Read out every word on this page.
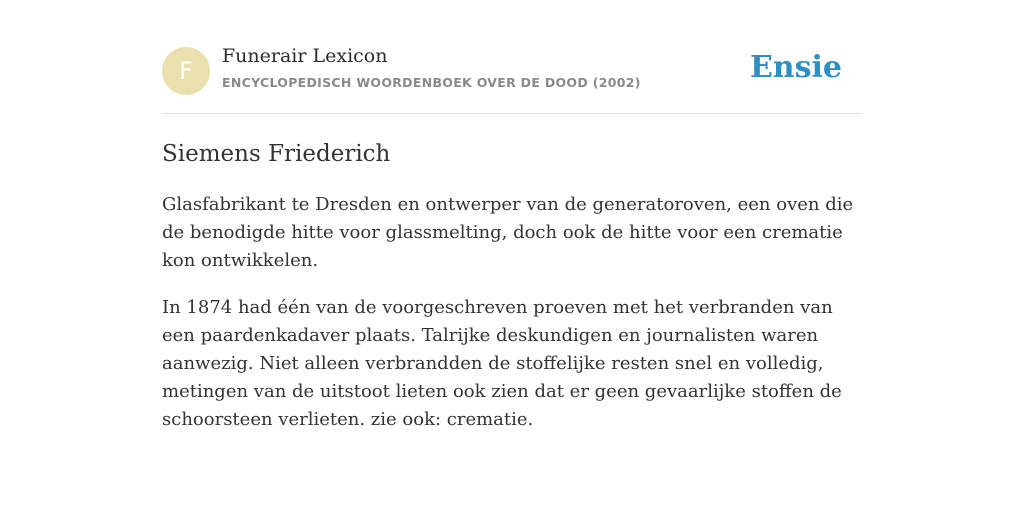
F
Funerair Lexicon
ENCYCLOPEDISCH WOORDENBOEK OVER DE DOOD (2002)	Ensie
Siemens Friederich

Glasfabrikant te Dresden en ontwerper van de generatoroven, een oven die de benodigde hitte voor glassmelting, doch ook de hitte voor een crematie kon ontwikkelen.

In 1874 had één van de voorgeschreven proeven met het verbranden van een paardenkadaver plaats. Talrijke deskundigen en journalisten waren aanwezig. Niet alleen verbrandden de stoffelijke resten snel en volledig, metingen van de uitstoot lieten ook zien dat er geen gevaarlijke stoffen de schoorsteen verlieten. zie ook: crematie.
